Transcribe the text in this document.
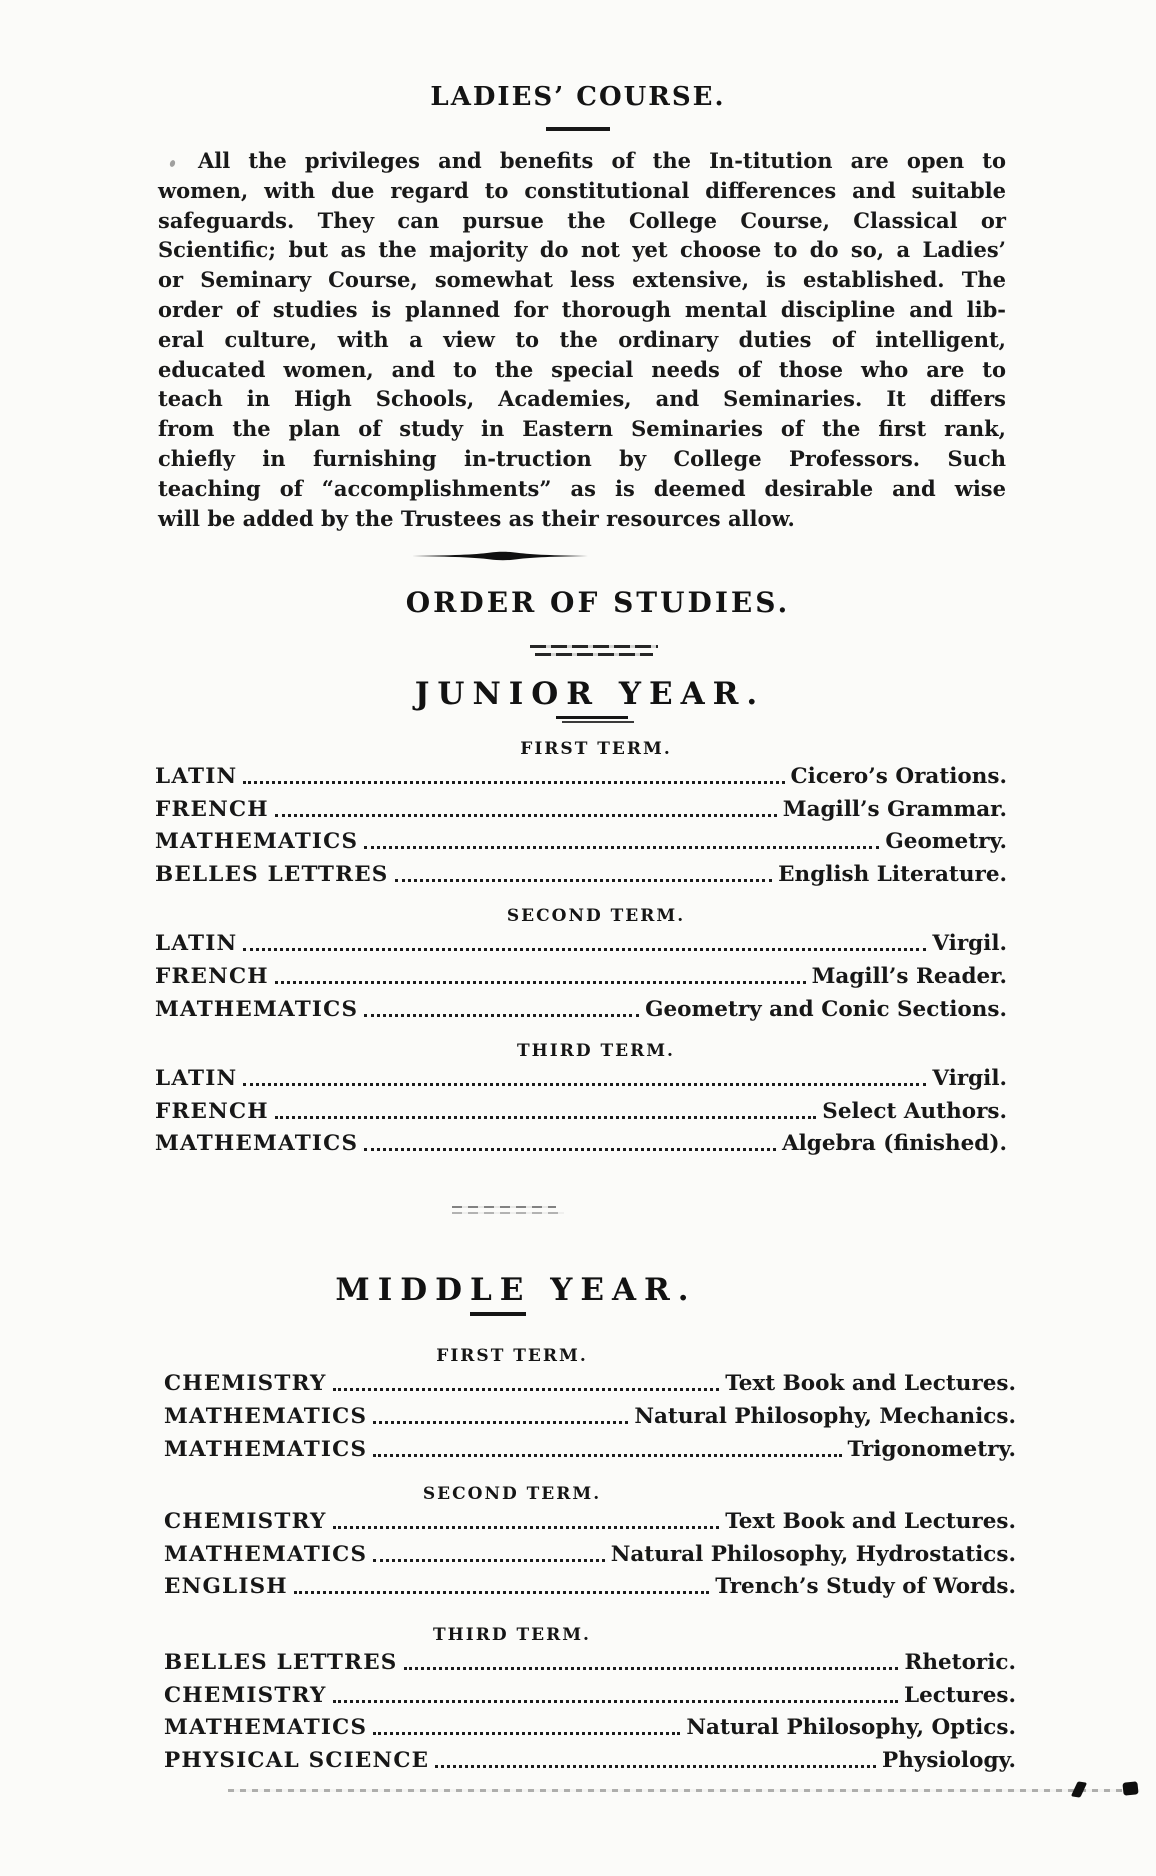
LADIES’ COURSE.
All the privileges and benefits of the In-titution are open to
women, with due regard to constitutional differences and suitable
safeguards. They can pursue the College Course, Classical or
Scientific; but as the majority do not yet choose to do so, a Ladies’
or Seminary Course, somewhat less extensive, is established. The
order of studies is planned for thorough mental discipline and lib-
eral culture, with a view to the ordinary duties of intelligent,
educated women, and to the special needs of those who are to
teach in High Schools, Academies, and Seminaries. It differs
from the plan of study in Eastern Seminaries of the first rank,
chiefly in furnishing in-truction by College Professors. Such
teaching of “accomplishments” as is deemed desirable and wise
will be added by the Trustees as their resources allow.
ORDER OF STUDIES.
JUNIOR YEAR.
FIRST TERM.
LATIN	Cicero’s Orations.
FRENCH	Magill’s Grammar.
MATHEMATICS	Geometry.
BELLES LETTRES	English Literature.
SECOND TERM.
LATIN	Virgil.
FRENCH	Magill’s Reader.
MATHEMATICS	Geometry and Conic Sections.
THIRD TERM.
LATIN	Virgil.
FRENCH	Select Authors.
MATHEMATICS	Algebra (finished).
MIDDLE YEAR.
FIRST TERM.
CHEMISTRY	Text Book and Lectures.
MATHEMATICS	Natural Philosophy, Mechanics.
MATHEMATICS	Trigonometry.
SECOND TERM.
CHEMISTRY	Text Book and Lectures.
MATHEMATICS	Natural Philosophy, Hydrostatics.
ENGLISH	Trench’s Study of Words.
THIRD TERM.
BELLES LETTRES	Rhetoric.
CHEMISTRY	Lectures.
MATHEMATICS	Natural Philosophy, Optics.
PHYSICAL SCIENCE	Physiology.
